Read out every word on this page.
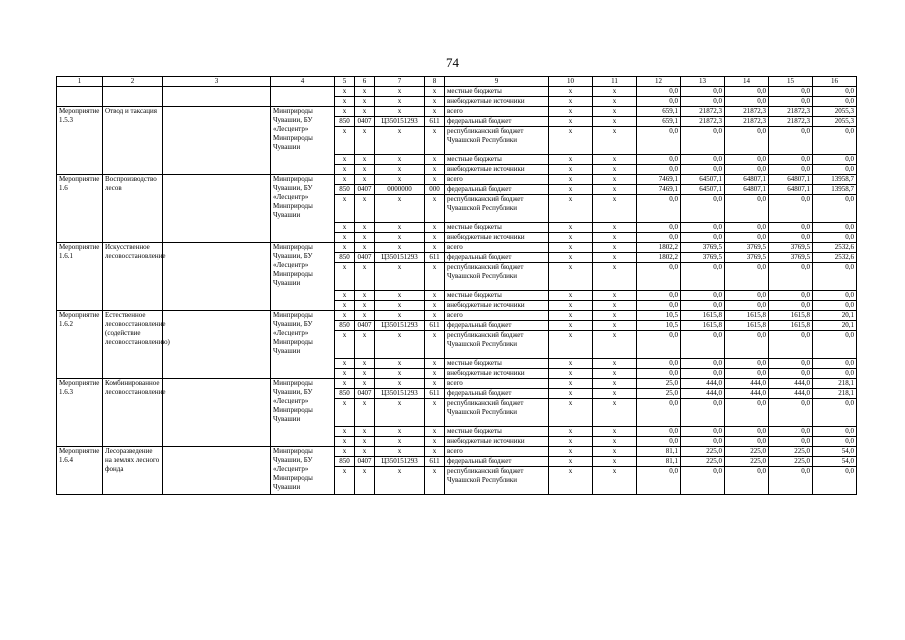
74
1	2	3	4	5	6	7	8	9	10	11	12	13	14	15	16
				x	x	x	x	местные бюджеты	x	x	0,0	0,0	0,0	0,0	0,0
				x	x	x	x	внебюджетные источники	x	x	0,0	0,0	0,0	0,0	0,0
Мероприятие 1.5.3	Отвод и таксация		Минприроды Чувашии, БУ «Лесцентр» Минприроды Чувашии	x	x	x	x	всего	x	x	659,1	21872,3	21872,3	21872,3	2055,3
				850	0407	Ц350151293	611	федеральный бюджет	x	x	659,1	21872,3	21872,3	21872,3	2055,3
				x	x	x	x	республиканский бюджет Чувашской Республики	x	x	0,0	0,0	0,0	0,0	0,0
				x	x	x	x	местные бюджеты	x	x	0,0	0,0	0,0	0,0	0,0
				x	x	x	x	внебюджетные источники	x	x	0,0	0,0	0,0	0,0	0,0
Мероприятие 1.6	Воспроизводство лесов		Минприроды Чувашии, БУ «Лесцентр» Минприроды Чувашии	x	x	x	x	всего	x	x	7469,1	64507,1	64807,1	64807,1	13958,7
				850	0407	0000000	000	федеральный бюджет	x	x	7469,1	64507,1	64807,1	64807,1	13958,7
				x	x	x	x	республиканский бюджет Чувашской Республики	x	x	0,0	0,0	0,0	0,0	0,0
				x	x	x	x	местные бюджеты	x	x	0,0	0,0	0,0	0,0	0,0
				x	x	x	x	внебюджетные источники	x	x	0,0	0,0	0,0	0,0	0,0
Мероприятие 1.6.1	Искусственное лесовосстановление		Минприроды Чувашии, БУ «Лесцентр» Минприроды Чувашии	x	x	x	x	всего	x	x	1802,2	3769,5	3769,5	3769,5	2532,6
				850	0407	Ц350151293	611	федеральный бюджет	x	x	1802,2	3769,5	3769,5	3769,5	2532,6
				x	x	x	x	республиканский бюджет Чувашской Республики	x	x	0,0	0,0	0,0	0,0	0,0
				x	x	x	x	местные бюджеты	x	x	0,0	0,0	0,0	0,0	0,0
				x	x	x	x	внебюджетные источники	x	x	0,0	0,0	0,0	0,0	0,0
Мероприятие 1.6.2	Естественное лесовосстановление (содействие лесовосстановлению)		Минприроды Чувашии, БУ «Лесцентр» Минприроды Чувашии	x	x	x	x	всего	x	x	10,5	1615,8	1615,8	1615,8	20,1
				850	0407	Ц350151293	611	федеральный бюджет	x	x	10,5	1615,8	1615,8	1615,8	20,1
				x	x	x	x	республиканский бюджет Чувашской Республики	x	x	0,0	0,0	0,0	0,0	0,0
				x	x	x	x	местные бюджеты	x	x	0,0	0,0	0,0	0,0	0,0
				x	x	x	x	внебюджетные источники	x	x	0,0	0,0	0,0	0,0	0,0
Мероприятие 1.6.3	Комбинированное лесовосстановление		Минприроды Чувашии, БУ «Лесцентр» Минприроды Чувашии	x	x	x	x	всего	x	x	25,0	444,0	444,0	444,0	218,1
				850	0407	Ц350151293	611	федеральный бюджет	x	x	25,0	444,0	444,0	444,0	218,1
				x	x	x	x	республиканский бюджет Чувашской Республики	x	x	0,0	0,0	0,0	0,0	0,0
				x	x	x	x	местные бюджеты	x	x	0,0	0,0	0,0	0,0	0,0
				x	x	x	x	внебюджетные источники	x	x	0,0	0,0	0,0	0,0	0,0
Мероприятие 1.6.4	Лесоразведение на землях лесного фонда		Минприроды Чувашии, БУ «Лесцентр» Минприроды Чувашии	x	x	x	x	всего	x	x	81,1	225,0	225,0	225,0	54,0
				850	0407	Ц350151293	611	федеральный бюджет	x	x	81,1	225,0	225,0	225,0	54,0
				x	x	x	x	республиканский бюджет Чувашской Республики	x	x	0,0	0,0	0,0	0,0	0,0
